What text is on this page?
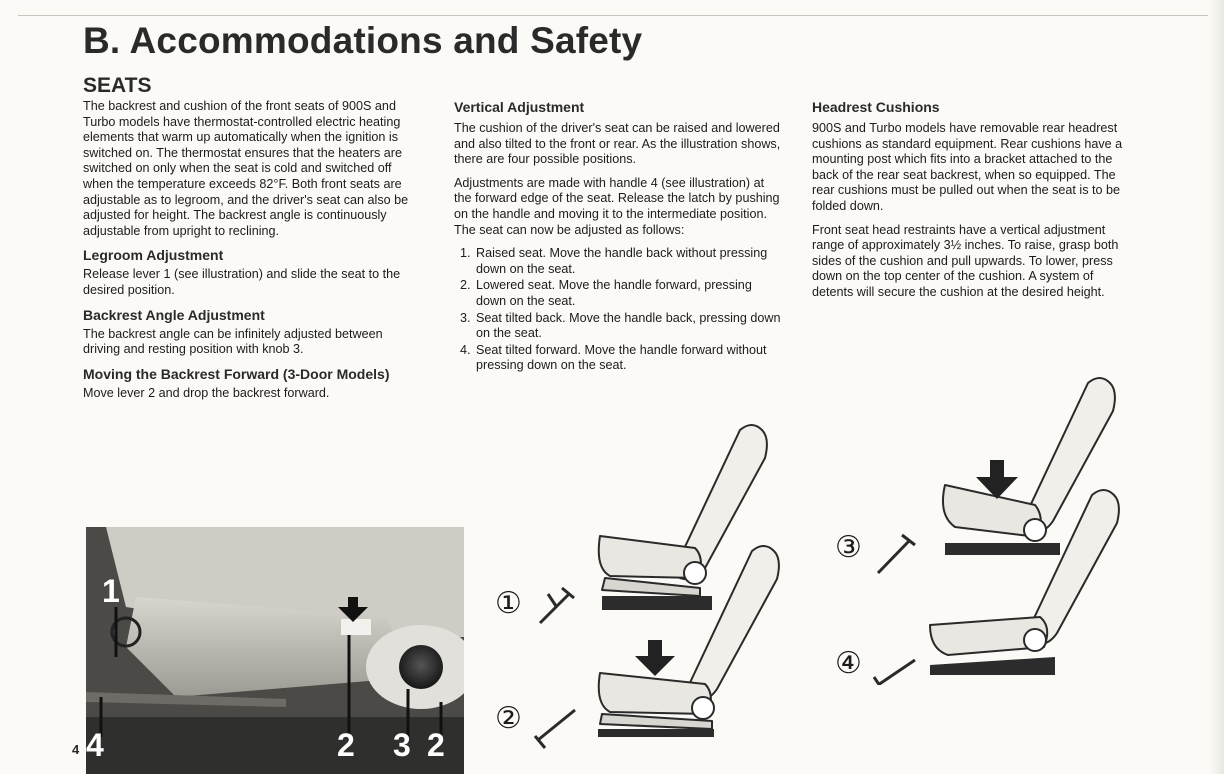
B. Accommodations and Safety
SEATS

The backrest and cushion of the front seats of 900S and Turbo models have thermostat-controlled electric heating elements that warm up automatically when the ignition is switched on. The thermostat ensures that the heaters are switched on only when the seat is cold and switched off when the temperature exceeds 82°F. Both front seats are adjustable as to legroom, and the driver's seat can also be adjusted for height. The backrest angle is continuously adjustable from upright to reclining.

Legroom Adjustment

Release lever 1 (see illustration) and slide the seat to the desired position.

Backrest Angle Adjustment

The backrest angle can be infinitely adjusted between driving and resting position with knob 3.

Moving the Backrest Forward (3-Door Models)

Move lever 2 and drop the backrest forward.

Vertical Adjustment

The cushion of the driver's seat can be raised and lowered and also tilted to the front or rear. As the illustration shows, there are four possible positions.

Adjustments are made with handle 4 (see illustration) at the forward edge of the seat. Release the latch by pushing on the handle and moving it to the intermediate position. The seat can now be adjusted as follows:

1. Raised seat. Move the handle back without pressing down on the seat.
2. Lowered seat. Move the handle forward, pressing down on the seat.
3. Seat tilted back. Move the handle back, pressing down on the seat.
4. Seat tilted forward. Move the handle forward without pressing down on the seat.
Headrest Cushions

900S and Turbo models have removable rear headrest cushions as standard equipment. Rear cushions have a mounting post which fits into a bracket attached to the back of the rear seat backrest, when so equipped. The rear cushions must be pulled out when the seat is to be folded down.

Front seat head restraints have a vertical adjustment range of approximately 3½ inches. To raise, grasp both sides of the cushion and pull upwards. To lower, press down on the top center of the cushion. A system of detents will secure the cushion at the desired height.

1
4	2 3 2
4
①
②
③
④
